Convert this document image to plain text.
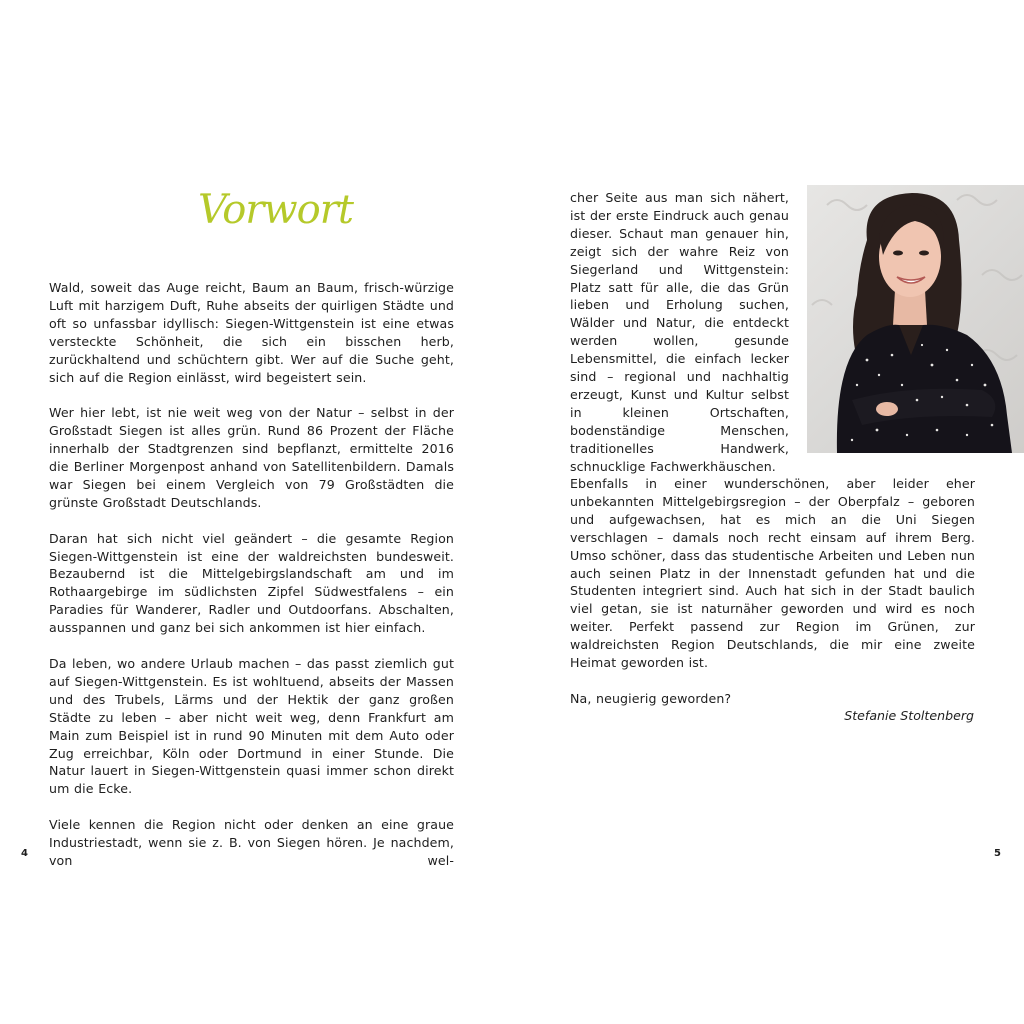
Vorwort

Wald, soweit das Auge reicht, Baum an Baum, frisch-würzige Luft mit harzigem Duft, Ruhe abseits der quirligen Städte und oft so unfassbar idyllisch: Siegen-Wittgenstein ist eine etwas versteckte Schönheit, die sich ein bisschen herb, zurückhaltend und schüchtern gibt. Wer auf die Suche geht, sich auf die Region einlässt, wird begeistert sein.

Wer hier lebt, ist nie weit weg von der Natur – selbst in der Großstadt Siegen ist alles grün. Rund 86 Prozent der Fläche innerhalb der Stadtgrenzen sind bepflanzt, ermittelte 2016 die Berliner Morgenpost anhand von Satellitenbildern. Damals war Siegen bei einem Vergleich von 79 Großstädten die grünste Großstadt Deutschlands.

Daran hat sich nicht viel geändert – die gesamte Region Siegen-Wittgenstein ist eine der waldreichsten bundesweit. Bezaubernd ist die Mittelgebirgslandschaft am und im Rothaargebirge im südlichsten Zipfel Südwestfalens – ein Paradies für Wanderer, Radler und Outdoorfans. Abschalten, ausspannen und ganz bei sich ankommen ist hier einfach.

Da leben, wo andere Urlaub machen – das passt ziemlich gut auf Siegen-Wittgenstein. Es ist wohltuend, abseits der Massen und des Trubels, Lärms und der Hektik der ganz großen Städte zu leben – aber nicht weit weg, denn Frankfurt am Main zum Beispiel ist in rund 90 Minuten mit dem Auto oder Zug erreichbar, Köln oder Dortmund in einer Stunde. Die Natur lauert in Siegen-Wittgenstein quasi immer schon direkt um die Ecke.

Viele kennen die Region nicht oder denken an eine graue Industriestadt, wenn sie z. B. von Siegen hören. Je nachdem, von wel-

4

cher Seite aus man sich nähert, ist der erste Eindruck auch genau dieser. Schaut man genauer hin, zeigt sich der wahre Reiz von Siegerland und Wittgenstein: Platz satt für alle, die das Grün lieben und Erholung suchen, Wälder und Natur, die entdeckt werden wollen, gesunde Lebensmittel, die einfach lecker sind – regional und nachhaltig erzeugt, Kunst und Kultur selbst in kleinen Ortschaften, bodenständige Menschen, traditionelles Handwerk, schnucklige Fachwerkhäuschen.

Ebenfalls in einer wunderschönen, aber leider eher unbekannten Mittelgebirgsregion – der Oberpfalz – geboren und aufgewachsen, hat es mich an die Uni Siegen verschlagen – damals noch recht einsam auf ihrem Berg. Umso schöner, dass das studentische Arbeiten und Leben nun auch seinen Platz in der Innenstadt gefunden hat und die Studenten integriert sind. Auch hat sich in der Stadt baulich viel getan, sie ist naturnäher geworden und wird es noch weiter. Perfekt passend zur Region im Grünen, zur waldreichsten Region Deutschlands, die mir eine zweite Heimat geworden ist.

Na, neugierig geworden?

Stefanie Stoltenberg
5
